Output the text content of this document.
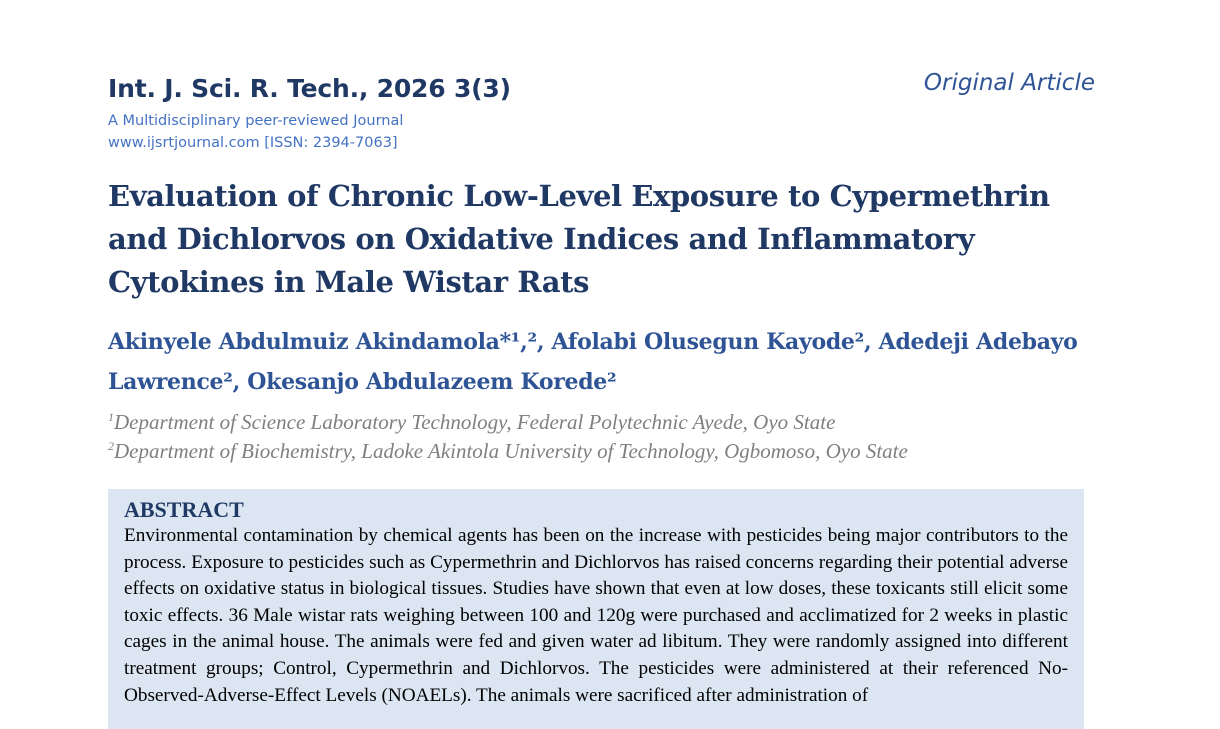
Int. J. Sci. R. Tech., 2026 3(3)	Original Article
A Multidisciplinary peer-reviewed Journal
www.ijsrtjournal.com [ISSN: 2394-7063]
Evaluation of Chronic Low-Level Exposure to Cypermethrin and Dichlorvos on Oxidative Indices and Inflammatory Cytokines in Male Wistar Rats

Akinyele Abdulmuiz Akindamola*¹,², Afolabi Olusegun Kayode², Adedeji Adebayo Lawrence², Okesanjo Abdulazeem Korede²

$^1$Department of Science Laboratory Technology, Federal Polytechnic Ayede, Oyo State
$^2$Department of Biochemistry, Ladoke Akintola University of Technology, Ogbomoso, Oyo State
ABSTRACT

Environmental contamination by chemical agents has been on the increase with pesticides being major contributors to the process. Exposure to pesticides such as Cypermethrin and Dichlorvos has raised concerns regarding their potential adverse effects on oxidative status in biological tissues. Studies have shown that even at low doses, these toxicants still elicit some toxic effects. 36 Male wistar rats weighing between 100 and 120g were purchased and acclimatized for 2 weeks in plastic cages in the animal house. The animals were fed and given water ad libitum. They were randomly assigned into different treatment groups; Control, Cypermethrin and Dichlorvos. The pesticides were administered at their referenced No-Observed-Adverse-Effect Levels (NOAELs). The animals were sacrificed after administration of
